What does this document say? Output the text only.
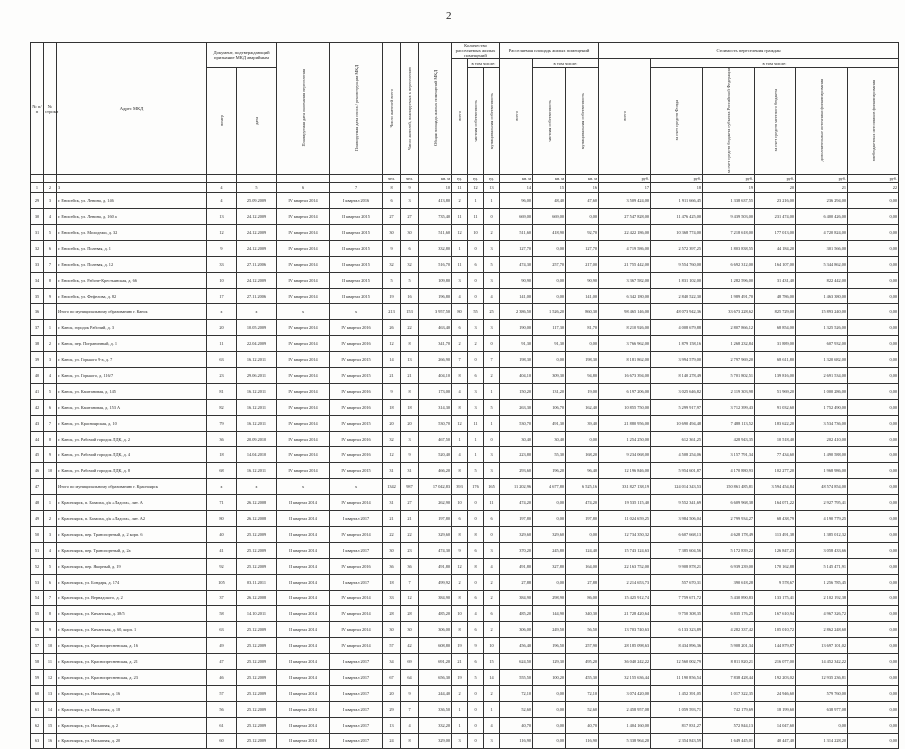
2
№ п/п	№ строки	Адрес МКД	Документ, подтверждающий признание МКД аварийным		Планируемая дата окончания переселения	Планируемая дата сноса / реконструкции МКД	Число жителей всего	Число жителей, планируемых к переселению	Общая площадь жилых помещений МКД	Количество расселяемых жилых помещений			Расселяемая площадь жилых помещений			Стоимость переселения граждан					
										всего	в том числе:		всего	в том числе:		всего	в том числе:				
			номер	дата							частная собственность	муниципальная собственность		частная собственность	муниципальная собственность		за счет средств Фонда	за счет средств бюджета субъекта Российской Федерации	за счет средств местного бюджета	дополнительные источники финансирования	внебюджетных источников финансирования
							чел.	чел.	кв. м	ед.	ед.	ед.	кв. м	кв. м	кв. м	руб.	руб.	руб.	руб.	руб.	руб.
1	2	3	4	5	6	7	8	9	10	11	12	13	14	15	16	17	18	19	20	21	22
29	3	г. Енисейск, ул. Ленина, д. 146	4	25.09.2009	IV квартал 2014	I квартал 2016	6	3	413,80	2	1	1	96,00	48,40	47,60	3 509 424,00	1 911 666,45	1 338 637,55	23 216,00	236 294,00	0,00
30	4	г. Енисейск, ул. Ленина, д. 160 а	13	24.12.2009	IV квартал 2014	II квартал 2015	27	27	735,40	11	11	0	669,00	669,00	0,00	27 547 828,00	11 476 425,00	9 439 503,00	231 474,00	6 400 426,00	0,00
31	5	г. Енисейск, ул. Молодежи, д. 32	12	24.12.2009	IV квартал 2014	II квартал 2015	30	30	511,60	12	10	2	511,60	418,90	92,70	22 422 186,00	10 368 774,00	7 218 618,00	177 013,00	4 720 824,00	0,00
32	6	г. Енисейск, ул. Полевая, д. 1	9	24.12.2009	IV квартал 2014	II квартал 2015	9	6	332,80	1	0	3	127,70	0,00	127,70	4 719 586,00	2 572 397,25	1 803 838,55	44 184,20	301 566,00	0,00
33	7	г. Енисейск, ул. Полевая, д. 12	33	27.11.2006	IV квартал 2014	II квартал 2015	32	32	516,70	11	6	5	474,30	257,70	217,00	21 755 442,00	9 554 760,00	6 692 312,00	164 107,00	5 344 862,00	0,00
34	8	г. Енисейск, ул. Рабоче-Крестьянская, д. 66	10	24.12.2009	IV квартал 2014	II квартал 2015	5	5	109,80	3	0	3	90,90	0,00	90,90	3 367 582,00	1 831 102,00	1 282 596,00	31 431,40	822 442,00	0,00
35	9	г. Енисейск, ул. Фефелова, д. 82	17	27.11.2006	IV квартал 2014	II квартал 2015	19	16	196,80	4	0	4	141,00	0,00	141,00	6 342 180,00	2 840 522,30	1 989 491,70	48 786,00	1 463 380,00	0,00
36		Итого по муниципальному образованию г. Канск	x	x	x	x	213	153	3 957,50	80	55	25	2 386,50	1 526,20	860,30	98 465 146,00	48 073 942,36	33 673 228,62	825 729,00	15 893 240,00	0,00
37	1	г. Канск, городок Рабочий, д. 3	20	10.05.2009	IV квартал 2014	IV квартал 2016	26	22	463,40	6	3	3	190,00	117,30	81,70	8 210 926,00	4 008 679,88	2 807 866,12	68 854,00	1 325 526,00	0,00
38	2	г. Канск, пер. Пограничный, д. 1	11	22.04.2009	IV квартал 2014	IV квартал 2016	12	8	341,70	2	2	0	91,30	91,30	0,00	3 766 962,00	1 879 158,16	1 268 232,84	31 889,00	607 932,00	0,00
39	3	г. Канск, ул. Горького 9-а, д. 7	63	16.12.2011	IV квартал 2014	IV квартал 2015	14	13	266,90	7	0	7	198,30	0,00	198,30	8 181 862,00	3 994 579,00	2 797 969,20	68 611,80	1 320 682,00	0,00
40	4	г. Канск, ул. Горького, д. 116/7	23	29.06.2011	IV квартал 2014	IV квартал 2015	21	21	404,10	8	6	2	404,10	309,30	94,80	16 673 394,00	8 140 278,49	5 701 802,51	139 816,00	2 691 534,00	0,00
41	5	г. Канск, ул. Каштановая, д. 145	81	16.12.2011	IV квартал 2014	IV квартал 2016	9	8	173,00	4	3	1	150,20	131,20	19,00	6 197 206,00	3 025 646,82	2 119 303,98	51 969,20	1 000 286,00	0,00
42	6	г. Канск, ул. Каштановая, д. 153 А	82	16.12.2011	IV квартал 2014	IV квартал 2016	18	18	314,30	8	3	5	263,30	106,70	162,40	10 855 750,00	5 299 917,97	3 712 399,43	91 032,60	1 752 490,00	0,00
43	7	г. Канск, ул. Красноярская, д. 10	79	16.12.2011	IV квартал 2014	IV квартал 2015	20	20	530,70	12	11	1	530,70	491,30	39,40	21 880 956,00	10 690 494,48	7 488 113,52	183 622,20	3 534 736,00	0,00
44	8	г. Канск, ул. Рабочий городок ЛДК, д. 2	36	20.09.2010	IV квартал 2014	IV квартал 2016	32	3	467,50	1	1	0	30,40	30,40	0,00	1 254 250,00	612 361,25	428 943,35	10 518,40	202 410,00	0,00
45	9	г. Канск, ул. Рабочий городок ЛДК, д. 4	18	14.04.2010	IV квартал 2014	IV квартал 2016	12	9	520,40	4	1	3	223,80	55,30	168,20	9 234 068,00	4 508 254,06	3 157 791,34	77 434,60	1 490 588,00	0,00
46	10	г. Канск, ул. Рабочий городок ЛДК, д. 8	68	16.12.2011	IV квартал 2014	IV квартал 2015	31	31	466,20	8	5	3	293,60	196,20	96,40	12 196 846,00	5 954 601,87	4 170 880,93	102 277,20	1 968 986,00	0,00
47		Итого по муниципальному образованию г. Красноярск	x	x	x	x	1342	987	17 042,83	393	176	165	11 202,96	4 677,80	6 525,16	331 827 138,19	124 014 343,53	150 861 485,81	3 594 454,84	48 574 854,00	0,00
48	1	г. Красноярск, п. Базаиха, д/к «Ладога», лит. А	71	26.12.2008	II квартал 2014	IV квартал 2014	31	27	262,90	10	0	11	474,20	0,00	474,20	19 535 115,40	9 552 341,69	6 609 968,38	164 071,22	2 927 795,41	0,00
49	2	г. Красноярск, п. Базаиха, д/к «Ладога», лит. А2	80	26.12.2008	II квартал 2014	I квартал 2017	21	21	197,80	6	0	6	197,80	0,00	197,80	11 024 659,25	3 984 506,04	2 799 934,27	68 438,79	4 190 779,25	0,00
50	3	г. Красноярск, пер. Транспортный, д. 2 корп. 6	40	25.12.2009	II квартал 2014	IV квартал 2014	22	22	329,60	8	8	0	329,60	329,60	0,00	12 734 350,32	6 607 668,13	4 628 178,49	113 491,38	1 385 012,32	0,00
51	4	г. Красноярск, пер. Транспортный, д. 2а	41	25.12.2009	II квартал 2014	I квартал 2017	30	23	474,30	9	6	3	370,20	245,80	124,40	15 743 124,63	7 385 604,56	5 172 839,22	126 847,23	3 058 433,66	0,00
52	5	г. Красноярск, пер. Якорный, д. 19	92	25.12.2009	II квартал 2014	IV квартал 2016	36	36	491,80	12	8	4	491,80	327,80	164,00	22 163 752,00	9 908 878,21	6 939 239,00	170 162,88	5 145 471,91	0,00
53	6	г. Красноярск, ул. Бондаря, д. 174	105	03.11.2011	II квартал 2014	I квартал 2017	18	7	499,92	2	0	2	27,88	0,00	27,88	2 214 653,73	557 670,31	390 618,28	9 578,67	1 256 785,45	0,00
54	7	г. Красноярск, ул. Вернадского, д. 2	37	26.12.2008	II квартал 2014	IV квартал 2014	33	12	384,90	8	6	2	384,90	298,90	86,00	15 425 912,74	7 759 671,72	5 430 890,83	133 175,41	2 102 192,38	0,00
55	8	г. Красноярск, ул. Кичанская, д. 38/5	58	14.10.2011	II квартал 2014	IV квартал 2014	28	28	485,20	10	4	6	485,20	144,90	340,30	21 728 420,64	9 750 308,35	6 835 176,25	167 610,94	4 967 326,72	0,00
56	9	г. Красноярск, ул. Кичанская, д. 60, корп. 1	63	25.12.2009	II квартал 2014	IV квартал 2014	30	30	306,00	8	6	2	306,00	249,50	56,50	13 703 740,63	6 133 323,89	4 282 337,42	105 010,72	2 862 248,60	0,00
57	10	г. Красноярск, ул. Краснопресненская, д. 16	49	25.12.2009	II квартал 2014	IV квартал 2014	57	42	608,80	19	9	10	456,40	196,50	257,90	28 185 098,63	8 434 896,36	5 908 201,34	144 879,87	13 697 101,02	0,00
58	11	г. Красноярск, ул. Краснопресненская, д. 21	47	25.12.2009	II квартал 2014	I квартал 2017	34	69	691,20	21	6	15	624,50	129,30	495,20	36 040 242,22	12 560 002,79	8 811 820,21	216 077,00	14 452 342,22	0,00
59	12	г. Красноярск, ул. Краснопресненская, д. 23	46	25.12.2009	II квартал 2014	I квартал 2017	67	64	656,30	19	5	14	555,50	100,20	455,30	32 155 636,44	11 190 856,54	7 838 428,44	192 203,02	12 935 236,81	0,00
60	13	г. Красноярск, ул. Насыпная, д. 16	57	25.12.2009	II квартал 2014	I квартал 2017	20	9	244,40	2	0	2	72,10	0,00	72,10	3 074 420,00	1 452 391,05	1 017 322,35	24 946,60	579 760,00	0,00
61	14	г. Красноярск, ул. Насыпная, д. 18	56	25.12.2009	II квартал 2014	I квартал 2017	29	7	336,50	1	0	1	52,60	0,00	52,60	2 458 957,08	1 059 593,71	742 179,69	18 199,60	638 977,08	0,00
62	15	г. Красноярск, ул. Насыпная, д. 2	61	25.12.2009	II квартал 2014	I квартал 2017	13	4	332,20	1	0	4	40,70	0,00	40,70	1 404 160,00	817 831,27	572 844,13	14 047,60	0,00	0,00
63	16	г. Красноярск, ул. Насыпная, д. 20	60	25.12.2009	II квартал 2014	I квартал 2017	24	8	329,00	3	0	3	116,90	0,00	116,90	5 338 964,20	2 354 843,59	1 649 445,01	40 447,40	1 314 228,20	0,00
